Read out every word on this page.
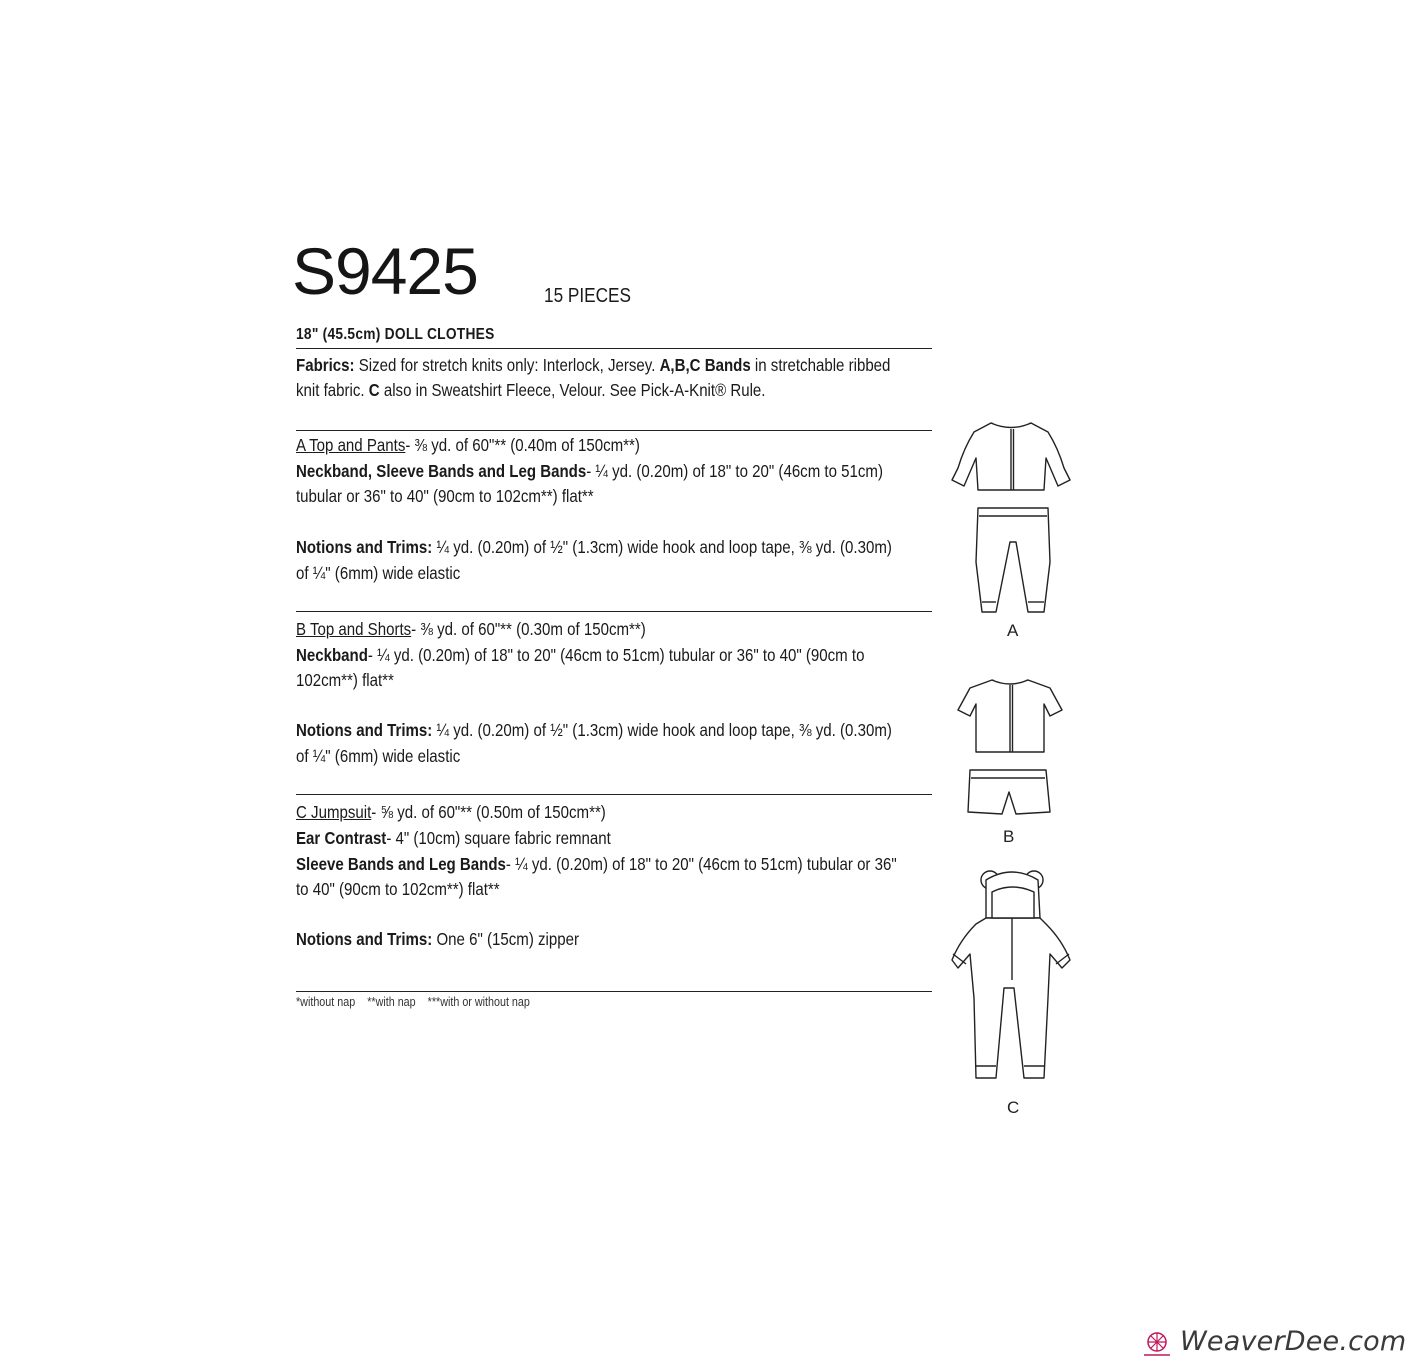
S9425	15 PIECES
18" (45.5cm) DOLL CLOTHES
Fabrics: Sized for stretch knits only: Interlock, Jersey. A,B,C Bands in stretchable ribbed
knit fabric. C also in Sweatshirt Fleece, Velour. See Pick-A-Knit® Rule.
A Top and Pants- ⅜ yd. of 60"** (0.40m of 150cm**)
Neckband, Sleeve Bands and Leg Bands- ¼ yd. (0.20m) of 18" to 20" (46cm to 51cm)
tubular or 36" to 40" (90cm to 102cm**) flat**
Notions and Trims: ¼ yd. (0.20m) of ½" (1.3cm) wide hook and loop tape, ⅜ yd. (0.30m)
of ¼" (6mm) wide elastic
B Top and Shorts- ⅜ yd. of 60"** (0.30m of 150cm**)
Neckband- ¼ yd. (0.20m) of 18" to 20" (46cm to 51cm) tubular or 36" to 40" (90cm to
102cm**) flat**
Notions and Trims: ¼ yd. (0.20m) of ½" (1.3cm) wide hook and loop tape, ⅜ yd. (0.30m)
of ¼" (6mm) wide elastic
C Jumpsuit- ⅝ yd. of 60"** (0.50m of 150cm**)
Ear Contrast- 4" (10cm) square fabric remnant
Sleeve Bands and Leg Bands- ¼ yd. (0.20m) of 18" to 20" (46cm to 51cm) tubular or 36"
to 40" (90cm to 102cm**) flat**
Notions and Trims: One 6" (15cm) zipper
*without nap **with nap ***with or without nap
A
B
C
WeaverDee.com
